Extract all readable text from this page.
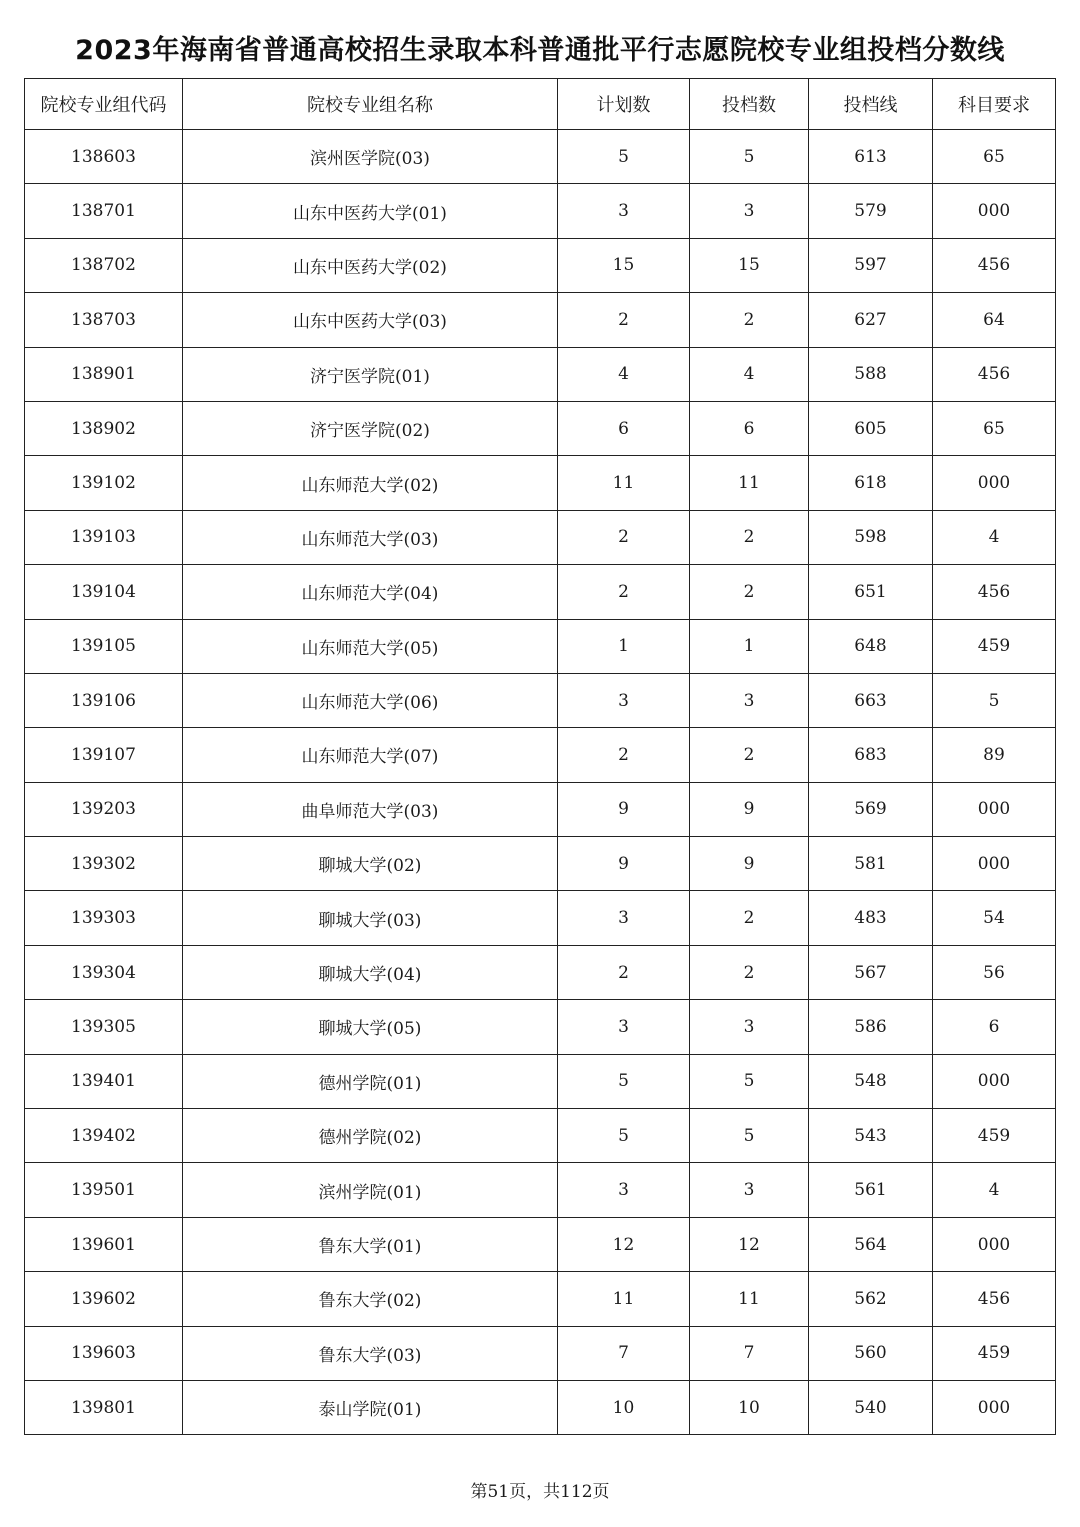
2023年海南省普通高校招生录取本科普通批平行志愿院校专业组投档分数线
院校专业组代码	院校专业组名称	计划数	投档数	投档线	科目要求
138603	滨州医学院(03)	5	5	613	65
138701	山东中医药大学(01)	3	3	579	000
138702	山东中医药大学(02)	15	15	597	456
138703	山东中医药大学(03)	2	2	627	64
138901	济宁医学院(01)	4	4	588	456
138902	济宁医学院(02)	6	6	605	65
139102	山东师范大学(02)	11	11	618	000
139103	山东师范大学(03)	2	2	598	4
139104	山东师范大学(04)	2	2	651	456
139105	山东师范大学(05)	1	1	648	459
139106	山东师范大学(06)	3	3	663	5
139107	山东师范大学(07)	2	2	683	89
139203	曲阜师范大学(03)	9	9	569	000
139302	聊城大学(02)	9	9	581	000
139303	聊城大学(03)	3	2	483	54
139304	聊城大学(04)	2	2	567	56
139305	聊城大学(05)	3	3	586	6
139401	德州学院(01)	5	5	548	000
139402	德州学院(02)	5	5	543	459
139501	滨州学院(01)	3	3	561	4
139601	鲁东大学(01)	12	12	564	000
139602	鲁东大学(02)	11	11	562	456
139603	鲁东大学(03)	7	7	560	459
139801	泰山学院(01)	10	10	540	000
第51页，共112页
